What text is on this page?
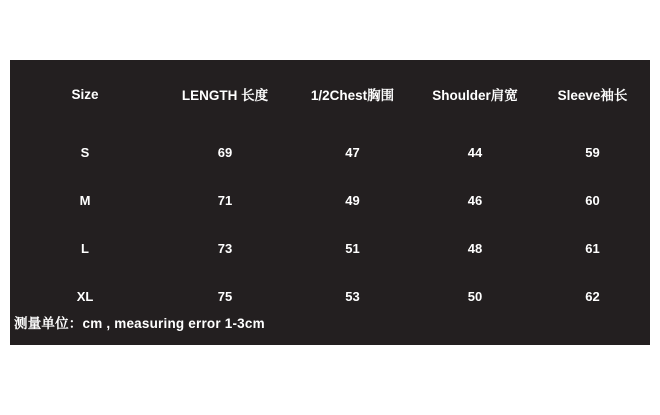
Size	LENGTH 长度	1/2Chest胸围	Shoulder肩宽	Sleeve袖长
S	69	47	44	59
M	71	49	46	60
L	73	51	48	61
XL	75	53	50	62
测量单位：cm , measuring error 1-3cm
